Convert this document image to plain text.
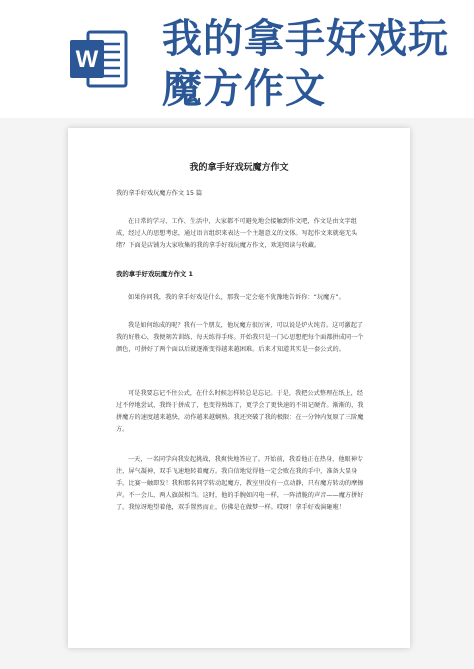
W 我的拿手好戏玩魔方作文
我的拿手好戏玩魔方作文

我的拿手好戏玩魔方作文 15 篇

在日常的学习、工作、生活中，大家都不可避免地会接触到作文吧，作文是由文字组成，经过人的思想考虑，通过语言组织来表达一个主题意义的文体。写起作文来就毫无头绪？下面是店铺为大家收集的我的拿手好戏玩魔方作文，欢迎阅读与收藏。

我的拿手好戏玩魔方作文 1

如果你问我，我的拿手好戏是什么，那我一定会毫不犹豫地告诉你：“玩魔方”。

我是如何练成的呢？我有一个朋友，他玩魔方很厉害，可以说是炉火纯青。这可激起了我的好胜心，我便刻苦训练、每天练得手疼。开始我只是一门心思想把每个面都拼成同一个颜色，可拼好了两个面以后就逐渐变得越来越困难。后来才知道其实是一套公式的。

可是我要忘记不住公式，在什么时候怎样转总是忘记。于是，我把公式整理在纸上，经过不停地尝试，我终于拼成了，也变得熟练了，更学会了更快速的不用记硬背。渐渐的，我拼魔方的速度越来越快，动作越来越娴熟。我还突破了我的极限：在一分钟内复原了三阶魔方。

一天，一名同学向我发起挑战，我爽快地答应了。开始前，我看他正在热身，他眼神专注，屏气凝神，双手飞速地转着魔方。我自信地觉得他一定会败在我的手中，准备大显身手。比赛一触即发！我和那名同学转动起魔方，教室里没有一点动静，只有魔方转动的摩擦声。不一会儿，两人旗鼓相当。这时，他的手腕如闪电一样，一阵清脆的声音——魔方拼好了。我惊讶地望着他，双手置然而止，仿佛是在做梦一样。哎呀！拿手好戏演砸啦！
